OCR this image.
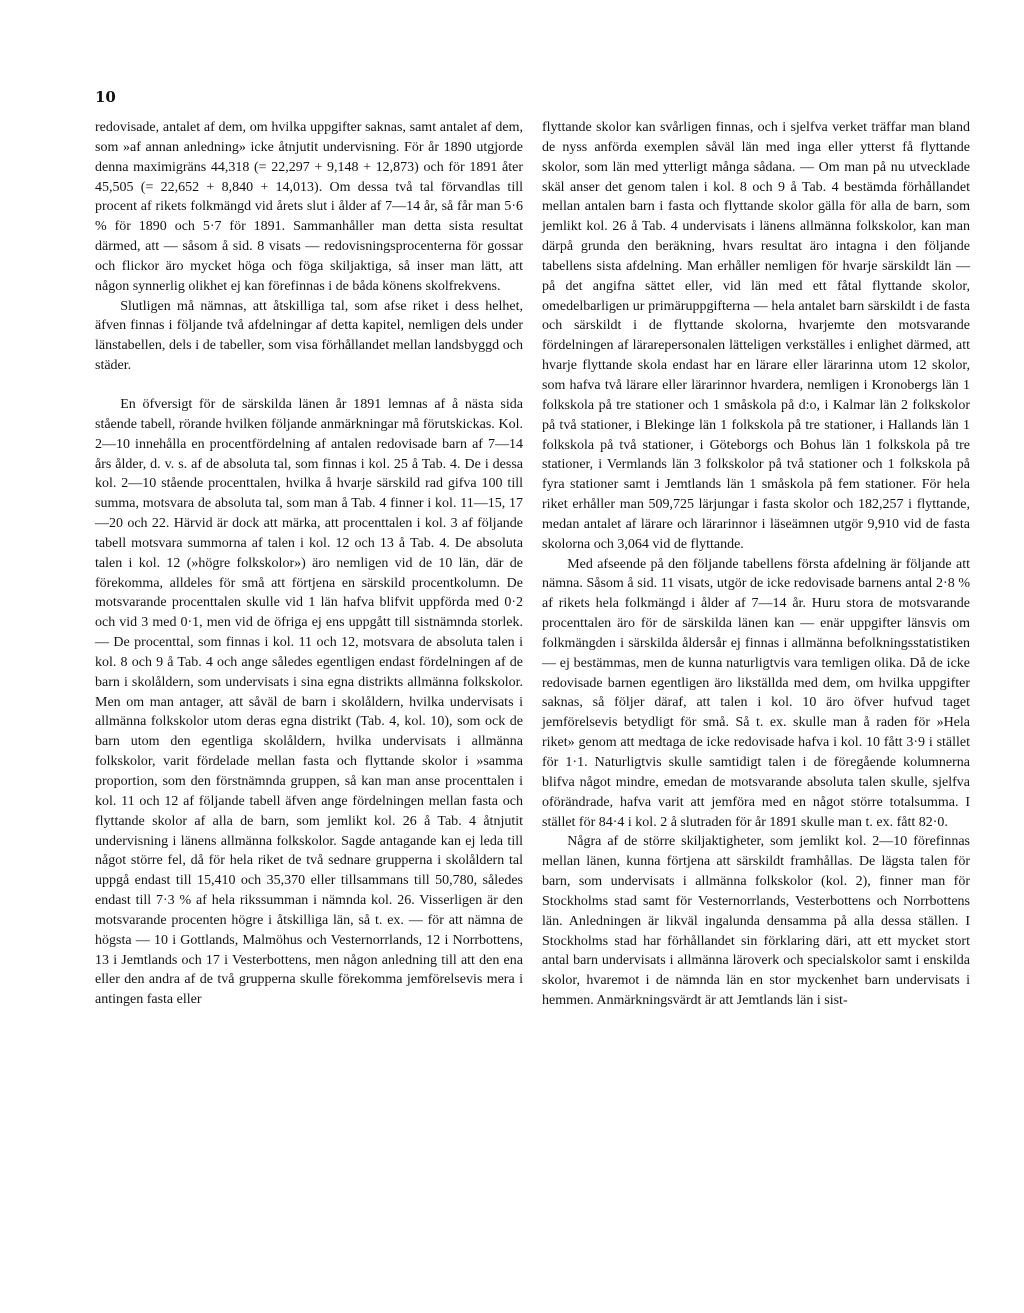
10

redovisade, antalet af dem, om hvilka uppgifter saknas, samt antalet af dem, som »af annan anledning» icke åtnjutit undervisning. För år 1890 utgjorde denna maximigräns 44,318 (= 22,297 + 9,148 + 12,873) och för 1891 åter 45,505 (= 22,652 + 8,840 + 14,013). Om dessa två tal förvandlas till procent af rikets folkmängd vid årets slut i ålder af 7—14 år, så får man 5·6 % för 1890 och 5·7 för 1891. Sammanhåller man detta sista resultat därmed, att — såsom å sid. 8 visats — redovisningsprocenterna för gossar och flickor äro mycket höga och föga skiljaktiga, så inser man lätt, att någon synnerlig olikhet ej kan förefinnas i de båda könens skolfrekvens.

Slutligen må nämnas, att åtskilliga tal, som afse riket i dess helhet, äfven finnas i följande två afdelningar af detta kapitel, nemligen dels under länstabellen, dels i de tabeller, som visa förhållandet mellan landsbyggd och städer.

En öfversigt för de särskilda länen år 1891 lemnas af å nästa sida stående tabell, rörande hvilken följande anmärkningar må förutskickas. Kol. 2—10 innehålla en procentfördelning af antalen redovisade barn af 7—14 års ålder, d. v. s. af de absoluta tal, som finnas i kol. 25 å Tab. 4. De i dessa kol. 2—10 stående procenttalen, hvilka å hvarje särskild rad gifva 100 till summa, motsvara de absoluta tal, som man å Tab. 4 finner i kol. 11—15, 17—20 och 22. Härvid är dock att märka, att procenttalen i kol. 3 af följande tabell motsvara summorna af talen i kol. 12 och 13 å Tab. 4. De absoluta talen i kol. 12 (»högre folkskolor») äro nemligen vid de 10 län, där de förekomma, alldeles för små att förtjena en särskild procentkolumn. De motsvarande procenttalen skulle vid 1 län hafva blifvit uppförda med 0·2 och vid 3 med 0·1, men vid de öfriga ej ens uppgått till sistnämnda storlek. — De procenttal, som finnas i kol. 11 och 12, motsvara de absoluta talen i kol. 8 och 9 å Tab. 4 och ange således egentligen endast fördelningen af de barn i skolåldern, som undervisats i sina egna distrikts allmänna folkskolor. Men om man antager, att såväl de barn i skolåldern, hvilka undervisats i allmänna folkskolor utom deras egna distrikt (Tab. 4, kol. 10), som ock de barn utom den egentliga skolåldern, hvilka undervisats i allmänna folkskolor, varit fördelade mellan fasta och flyttande skolor i »samma proportion, som den förstnämnda gruppen, så kan man anse procenttalen i kol. 11 och 12 af följande tabell äfven ange fördelningen mellan fasta och flyttande skolor af alla de barn, som jemlikt kol. 26 å Tab. 4 åtnjutit undervisning i länens allmänna folkskolor. Sagde antagande kan ej leda till något större fel, då för hela riket de två sednare grupperna i skolåldern tal uppgå endast till 15,410 och 35,370 eller tillsammans till 50,780, således endast till 7·3 % af hela rikssumman i nämnda kol. 26. Visserligen är den motsvarande procenten högre i åtskilliga län, så t. ex. — för att nämna de högsta — 10 i Gottlands, Malmöhus och Vesternorrlands, 12 i Norrbottens, 13 i Jemtlands och 17 i Vesterbottens, men någon anledning till att den ena eller den andra af de två grupperna skulle förekomma jemförelsevis mera i antingen fasta eller

flyttande skolor kan svårligen finnas, och i sjelfva verket träffar man bland de nyss anförda exemplen såväl län med inga eller ytterst få flyttande skolor, som län med ytterligt många sådana. — Om man på nu utvecklade skäl anser det genom talen i kol. 8 och 9 å Tab. 4 bestämda förhållandet mellan antalen barn i fasta och flyttande skolor gälla för alla de barn, som jemlikt kol. 26 å Tab. 4 undervisats i länens allmänna folkskolor, kan man därpå grunda den beräkning, hvars resultat äro intagna i den följande tabellens sista afdelning. Man erhåller nemligen för hvarje särskildt län — på det angifna sättet eller, vid län med ett fåtal flyttande skolor, omedelbarligen ur primäruppgifterna — hela antalet barn särskildt i de fasta och särskildt i de flyttande skolorna, hvarjemte den motsvarande fördelningen af lärarepersonalen lätteligen verkställes i enlighet därmed, att hvarje flyttande skola endast har en lärare eller lärarinna utom 12 skolor, som hafva två lärare eller lärarinnor hvardera, nemligen i Kronobergs län 1 folkskola på tre stationer och 1 småskola på d:o, i Kalmar län 2 folkskolor på två stationer, i Blekinge län 1 folkskola på tre stationer, i Hallands län 1 folkskola på två stationer, i Göteborgs och Bohus län 1 folkskola på tre stationer, i Vermlands län 3 folkskolor på två stationer och 1 folkskola på fyra stationer samt i Jemtlands län 1 småskola på fem stationer. För hela riket erhåller man 509,725 lärjungar i fasta skolor och 182,257 i flyttande, medan antalet af lärare och lärarinnor i läseämnen utgör 9,910 vid de fasta skolorna och 3,064 vid de flyttande.

Med afseende på den följande tabellens första afdelning är följande att nämna. Såsom å sid. 11 visats, utgör de icke redovisade barnens antal 2·8 % af rikets hela folkmängd i ålder af 7—14 år. Huru stora de motsvarande procenttalen äro för de särskilda länen kan — enär uppgifter länsvis om folkmängden i särskilda åldersår ej finnas i allmänna befolkningsstatistiken — ej bestämmas, men de kunna naturligtvis vara temligen olika. Då de icke redovisade barnen egentligen äro likställda med dem, om hvilka uppgifter saknas, så följer däraf, att talen i kol. 10 äro öfver hufvud taget jemförelsevis betydligt för små. Så t. ex. skulle man å raden för »Hela riket» genom att medtaga de icke redovisade hafva i kol. 10 fått 3·9 i stället för 1·1. Naturligtvis skulle samtidigt talen i de föregående kolumnerna blifva något mindre, emedan de motsvarande absoluta talen skulle, sjelfva oförändrade, hafva varit att jemföra med en något större totalsumma. I stället för 84·4 i kol. 2 å slutraden för år 1891 skulle man t. ex. fått 82·0.

Några af de större skiljaktigheter, som jemlikt kol. 2—10 förefinnas mellan länen, kunna förtjena att särskildt framhållas. De lägsta talen för barn, som undervisats i allmänna folkskolor (kol. 2), finner man för Stockholms stad samt för Vesternorrlands, Vesterbottens och Norrbottens län. Anledningen är likväl ingalunda densamma på alla dessa ställen. I Stockholms stad har förhållandet sin förklaring däri, att ett mycket stort antal barn undervisats i allmänna läroverk och specialskolor samt i enskilda skolor, hvaremot i de nämnda län en stor myckenhet barn undervisats i hemmen. Anmärkningsvärdt är att Jemtlands län i sist-
